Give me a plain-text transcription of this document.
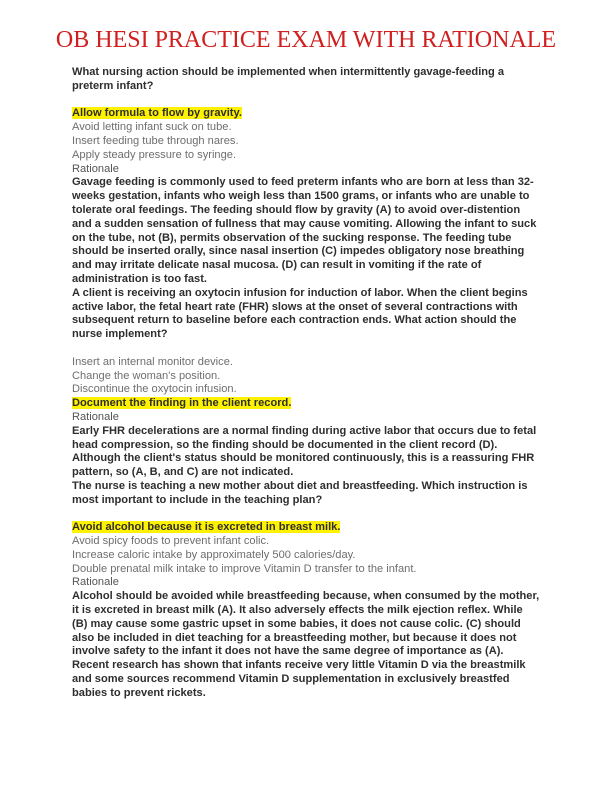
OB HESI PRACTICE EXAM WITH RATIONALE

What nursing action should be implemented when intermittently gavage-feeding a preterm infant?

Allow formula to flow by gravity.

Avoid letting infant suck on tube.

Insert feeding tube through nares.

Apply steady pressure to syringe.

Rationale

Gavage feeding is commonly used to feed preterm infants who are born at less than 32-weeks gestation, infants who weigh less than 1500 grams, or infants who are unable to tolerate oral feedings. The feeding should flow by gravity (A) to avoid over-distention and a sudden sensation of fullness that may cause vomiting. Allowing the infant to suck on the tube, not (B), permits observation of the sucking response. The feeding tube should be inserted orally, since nasal insertion (C) impedes obligatory nose breathing and may irritate delicate nasal mucosa. (D) can result in vomiting if the rate of administration is too fast.

A client is receiving an oxytocin infusion for induction of labor. When the client begins active labor, the fetal heart rate (FHR) slows at the onset of several contractions with subsequent return to baseline before each contraction ends. What action should the nurse implement?

Insert an internal monitor device.

Change the woman's position.

Discontinue the oxytocin infusion.

Document the finding in the client record.

Rationale

Early FHR decelerations are a normal finding during active labor that occurs due to fetal head compression, so the finding should be documented in the client record (D). Although the client's status should be monitored continuously, this is a reassuring FHR pattern, so (A, B, and C) are not indicated.

The nurse is teaching a new mother about diet and breastfeeding. Which instruction is most important to include in the teaching plan?

Avoid alcohol because it is excreted in breast milk.

Avoid spicy foods to prevent infant colic.

Increase caloric intake by approximately 500 calories/day.

Double prenatal milk intake to improve Vitamin D transfer to the infant.

Rationale

Alcohol should be avoided while breastfeeding because, when consumed by the mother, it is excreted in breast milk (A). It also adversely effects the milk ejection reflex. While (B) may cause some gastric upset in some babies, it does not cause colic. (C) should also be included in diet teaching for a breastfeeding mother, but because it does not involve safety to the infant it does not have the same degree of importance as (A). Recent research has shown that infants receive very little Vitamin D via the breastmilk and some sources recommend Vitamin D supplementation in exclusively breastfed babies to prevent rickets.
